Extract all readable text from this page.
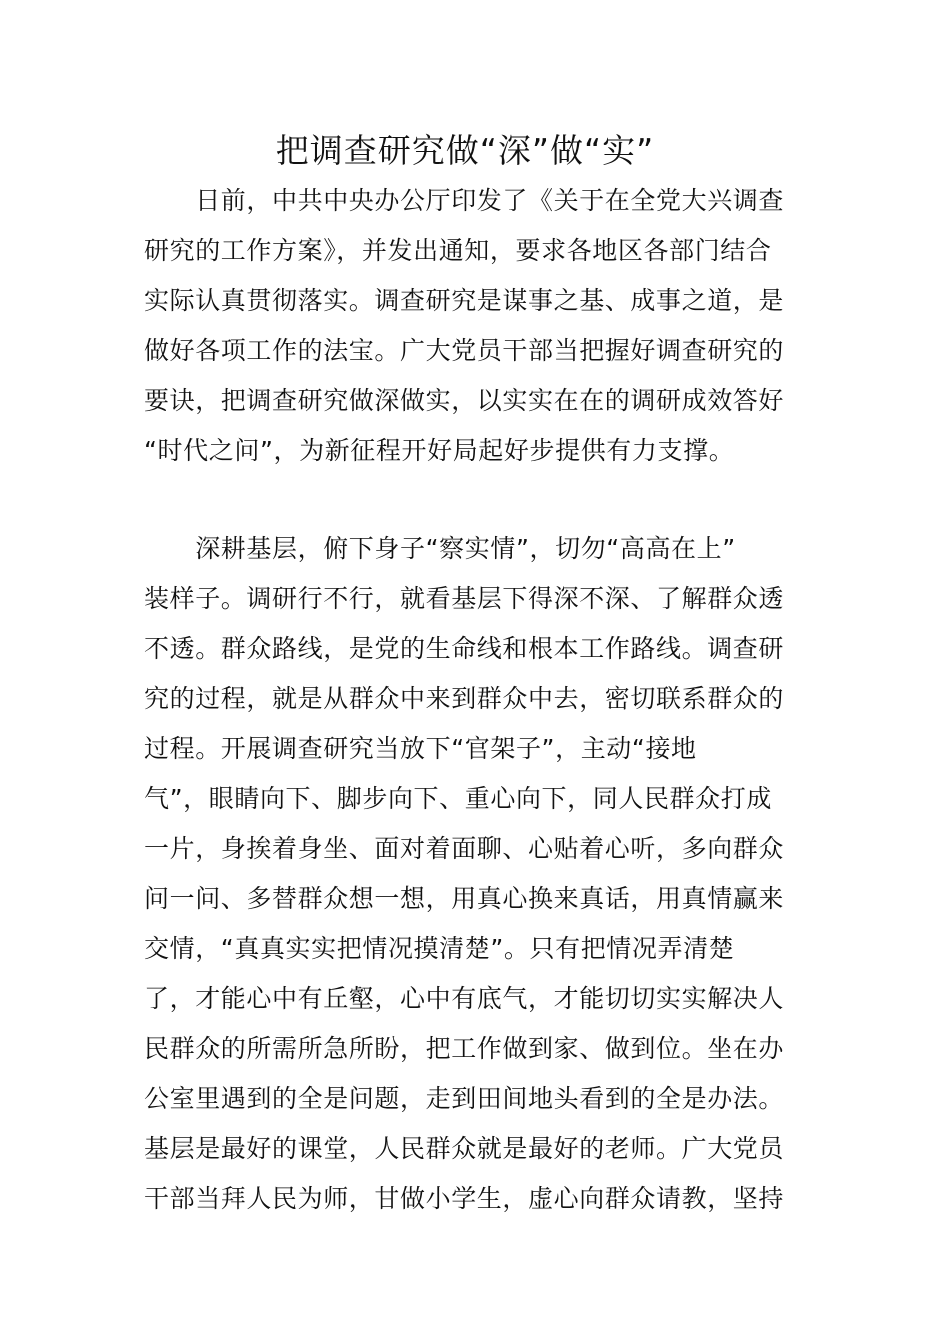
把调查研究做“深”做“实”
　　日前，中共中央办公厅印发了《关于在全党大兴调查
研究的工作方案》，并发出通知，要求各地区各部门结合
实际认真贯彻落实。调查研究是谋事之基、成事之道，是
做好各项工作的法宝。广大党员干部当把握好调查研究的
要诀，把调查研究做深做实，以实实在在的调研成效答好
“时代之问”，为新征程开好局起好步提供有力支撑。
　　深耕基层，俯下身子“察实情”，切勿“高高在上”
装样子。调研行不行，就看基层下得深不深、了解群众透
不透。群众路线，是党的生命线和根本工作路线。调查研
究的过程，就是从群众中来到群众中去，密切联系群众的
过程。开展调查研究当放下“官架子”，主动“接地
气”，眼睛向下、脚步向下、重心向下，同人民群众打成
一片，身挨着身坐、面对着面聊、心贴着心听，多向群众
问一问、多替群众想一想，用真心换来真话，用真情赢来
交情，“真真实实把情况摸清楚”。只有把情况弄清楚
了，才能心中有丘壑，心中有底气，才能切切实实解决人
民群众的所需所急所盼，把工作做到家、做到位。坐在办
公室里遇到的全是问题，走到田间地头看到的全是办法。
基层是最好的课堂，人民群众就是最好的老师。广大党员
干部当拜人民为师，甘做小学生，虚心向群众请教，坚持
